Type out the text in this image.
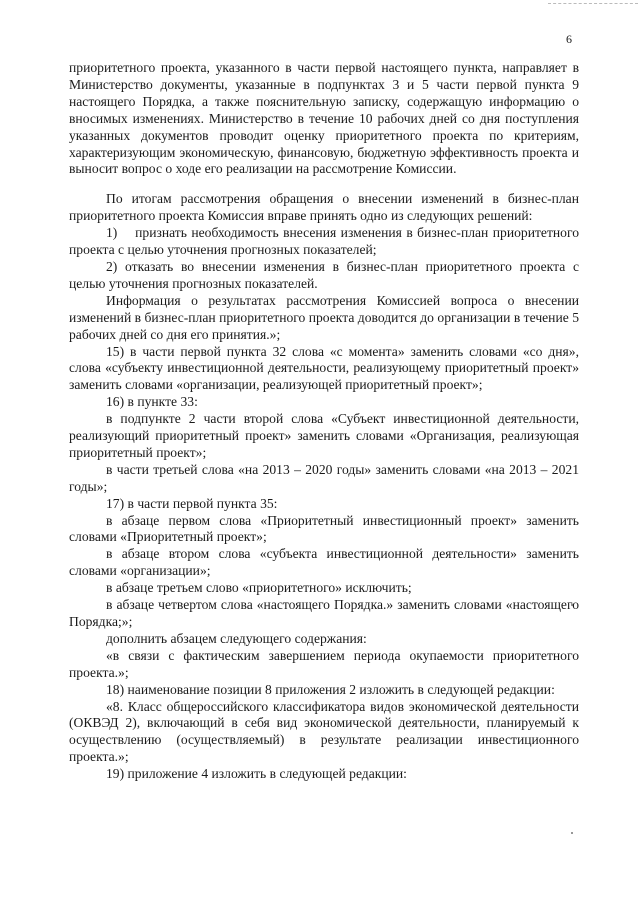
6

приоритетного проекта, указанного в части первой настоящего пункта, направляет в Министерство документы, указанные в подпунктах 3 и 5 части первой пункта 9 настоящего Порядка, а также пояснительную записку, содержащую информацию о вносимых изменениях. Министерство в течение 10 рабочих дней со дня поступления указанных документов проводит оценку приоритетного проекта по критериям, характеризующим экономическую, финансовую, бюджетную эффективность проекта и выносит вопрос о ходе его реализации на рассмотрение Комиссии.

По итогам рассмотрения обращения о внесении изменений в бизнес-план приоритетного проекта Комиссия вправе принять одно из следующих решений:

1)    признать необходимость внесения изменения в бизнес-план приоритетного проекта с целью уточнения прогнозных показателей;

2) отказать во внесении изменения в бизнес-план приоритетного проекта с целью уточнения прогнозных показателей.

Информация о результатах рассмотрения Комиссией вопроса о внесении изменений в бизнес-план приоритетного проекта доводится до организации в течение 5 рабочих дней со дня его принятия.»;

15) в части первой пункта 32 слова «с момента» заменить словами «со дня», слова «субъекту инвестиционной деятельности, реализующему приоритетный проект» заменить словами «организации, реализующей приоритетный проект»;

16) в пункте 33:

в подпункте 2 части второй слова «Субъект инвестиционной деятельности, реализующий приоритетный проект» заменить словами «Организация, реализующая приоритетный проект»;

в части третьей слова «на 2013 – 2020 годы» заменить словами «на 2013 – 2021 годы»;

17) в части первой пункта 35:

в абзаце первом слова «Приоритетный инвестиционный проект» заменить словами «Приоритетный проект»;

в абзаце втором слова «субъекта инвестиционной деятельности» заменить словами «организации»;

в абзаце третьем слово «приоритетного» исключить;

в абзаце четвертом слова «настоящего Порядка.» заменить словами «настоящего Порядка;»;

дополнить абзацем следующего содержания:

«в связи с фактическим завершением периода окупаемости приоритетного проекта.»;

18) наименование позиции 8 приложения 2 изложить в следующей редакции:

«8. Класс общероссийского классификатора видов экономической деятельности (ОКВЭД 2), включающий в себя вид экономической деятельности, планируемый к осуществлению (осуществляемый) в результате реализации инвестиционного проекта.»;

19) приложение 4 изложить в следующей редакции:
